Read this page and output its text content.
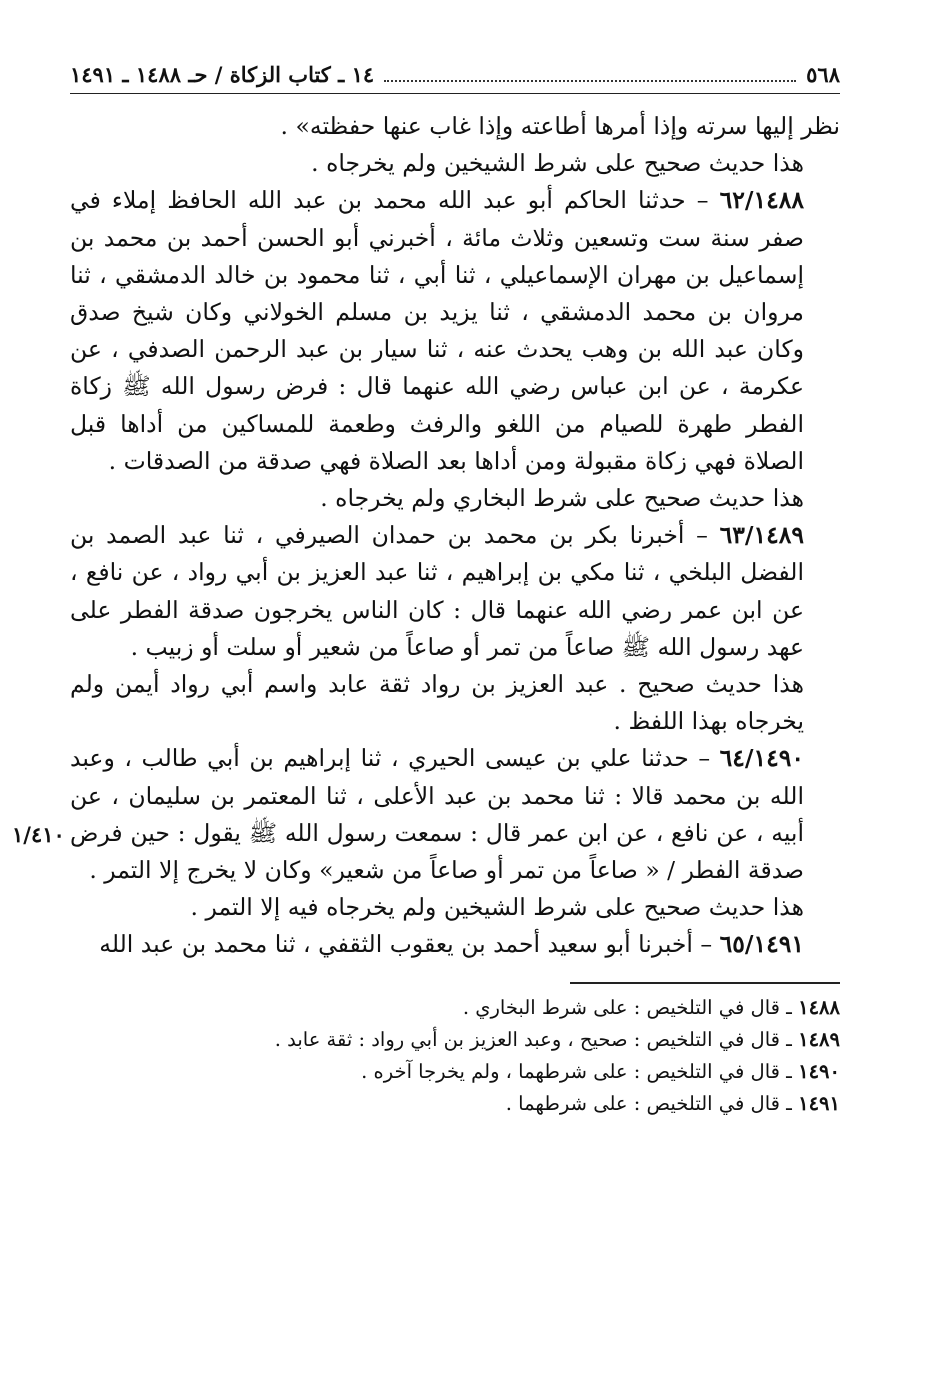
٥٦٨
١٤ ـ كتاب الزكاة / حـ ١٤٨٨ ـ ١٤٩١

نظر إليها سرته وإذا أمرها أطاعته وإذا غاب عنها حفظته» .

هذا حديث صحيح على شرط الشيخين ولم يخرجاه .

٦٢/١٤٨٨ – حدثنا الحاكم أبو عبد الله محمد بن عبد الله الحافظ إملاء في صفر سنة ست وتسعين وثلاث مائة ، أخبرني أبو الحسن أحمد بن محمد بن إسماعيل بن مهران الإسماعيلي ، ثنا أبي ، ثنا محمود بن خالد الدمشقي ، ثنا مروان بن محمد الدمشقي ، ثنا يزيد بن مسلم الخولاني وكان شيخ صدق وكان عبد الله بن وهب يحدث عنه ، ثنا سيار بن عبد الرحمن الصدفي ، عن عكرمة ، عن ابن عباس رضي الله عنهما قال : فرض رسول الله ﷺ زكاة الفطر طهرة للصيام من اللغو والرفث وطعمة للمساكين من أداها قبل الصلاة فهي زكاة مقبولة ومن أداها بعد الصلاة فهي صدقة من الصدقات .

هذا حديث صحيح على شرط البخاري ولم يخرجاه .

٦٣/١٤٨٩ – أخبرنا بكر بن محمد بن حمدان الصيرفي ، ثنا عبد الصمد بن الفضل البلخي ، ثنا مكي بن إبراهيم ، ثنا عبد العزيز بن أبي رواد ، عن نافع ، عن ابن عمر رضي الله عنهما قال : كان الناس يخرجون صدقة الفطر على عهد رسول الله ﷺ صاعاً من تمر أو صاعاً من شعير أو سلت أو زبيب .

هذا حديث صحيح . عبد العزيز بن رواد ثقة عابد واسم أبي رواد أيمن ولم يخرجاه بهذا اللفظ .

٦٤/١٤٩٠ – حدثنا علي بن عيسى الحيري ، ثنا إبراهيم بن أبي طالب ، وعبد الله بن محمد قالا : ثنا محمد بن عبد الأعلى ، ثنا المعتمر بن سليمان ، عن أبيه ، عن نافع ، عن ابن عمر قال : سمعت رسول الله ﷺ يقول : حين فرض صدقة الفطر / « صاعاً من تمر أو صاعاً من شعير» وكان لا يخرج إلا التمر .
١/٤١٠

هذا حديث صحيح على شرط الشيخين ولم يخرجاه فيه إلا التمر .

٦٥/١٤٩١ – أخبرنا أبو سعيد أحمد بن يعقوب الثقفي ، ثنا محمد بن عبد الله

١٤٨٨ ـ قال في التلخيص : على شرط البخاري .
١٤٨٩ ـ قال في التلخيص : صحيح ، وعبد العزيز بن أبي رواد : ثقة عابد .
١٤٩٠ ـ قال في التلخيص : على شرطهما ، ولم يخرجا آخره .
١٤٩١ ـ قال في التلخيص : على شرطهما .
